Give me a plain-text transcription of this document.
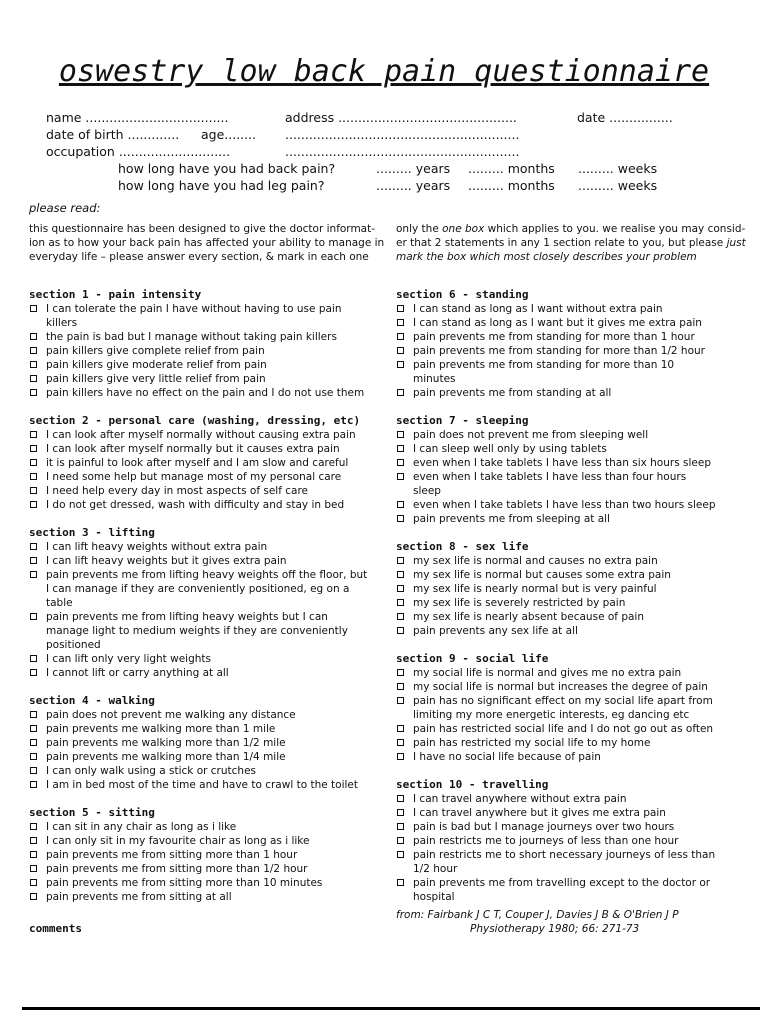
oswestry low back pain questionnaire
name ....................................	address .............................................	date ................
date of birth ............. age........ ...........................................................
occupation ............................	...........................................................
how long have you had back pain?	......... years ......... months ......... weeks
how long have you had leg pain?	......... years ......... months ......... weeks
please read:
this questionnaire has been designed to give the doctor informat-
ion as to how your back pain has affected your ability to manage in
everyday life – please answer every section, & mark in each one
only the one box which applies to you. we realise you may consid-
er that 2 statements in any 1 section relate to you, but please just
mark the box which most closely describes your problem
section 1 - pain intensity
I can tolerate the pain I have without having to use pain killers
the pain is bad but I manage without taking pain killers
pain killers give complete relief from pain
pain killers give moderate relief from pain
pain killers give very little relief from pain
pain killers have no effect on the pain and I do not use them
section 2 - personal care (washing, dressing, etc)
I can look after myself normally without causing extra pain
I can look after myself normally but it causes extra pain
it is painful to look after myself and I am slow and careful
I need some help but manage most of my personal care
I need help every day in most aspects of self care
I do not get dressed, wash with difficulty and stay in bed
section 3 - lifting
I can lift heavy weights without extra pain
I can lift heavy weights but it gives extra pain
pain prevents me from lifting heavy weights off the floor, but I can manage if they are conveniently positioned, eg on a table
pain prevents me from lifting heavy weights but I can manage light to medium weights if they are conveniently positioned
I can lift only very light weights
I cannot lift or carry anything at all
section 4 - walking
pain does not prevent me walking any distance
pain prevents me walking more than 1 mile
pain prevents me walking more than 1/2 mile
pain prevents me walking more than 1/4 mile
I can only walk using a stick or crutches
I am in bed most of the time and have to crawl to the toilet
section 5 - sitting
I can sit in any chair as long as i like
I can only sit in my favourite chair as long as i like
pain prevents me from sitting more than 1 hour
pain prevents me from sitting more than 1/2 hour
pain prevents me from sitting more than 10 minutes
pain prevents me from sitting at all
section 6 - standing
I can stand as long as I want without extra pain
I can stand as long as I want but it gives me extra pain
pain prevents me from standing for more than 1 hour
pain prevents me from standing for more than 1/2 hour
pain prevents me from standing for more than 10 minutes
pain prevents me from standing at all
section 7 - sleeping
pain does not prevent me from sleeping well
I can sleep well only by using tablets
even when I take tablets I have less than six hours sleep
even when I take tablets I have less than four hours sleep
even when I take tablets I have less than two hours sleep
pain prevents me from sleeping at all
section 8 - sex life
my sex life is normal and causes no extra pain
my sex life is normal but causes some extra pain
my sex life is nearly normal but is very painful
my sex life is severely restricted by pain
my sex life is nearly absent because of pain
pain prevents any sex life at all
section 9 - social life
my social life is normal and gives me no extra pain
my social life is normal but increases the degree of pain
pain has no significant effect on my social life apart from limiting my more energetic interests, eg dancing etc
pain has restricted social life and I do not go out as often
pain has restricted my social life to my home
I have no social life because of pain
section 10 - travelling
I can travel anywhere without extra pain
I can travel anywhere but it gives me extra pain
pain is bad but I manage journeys over two hours
pain restricts me to journeys of less than one hour
pain restricts me to short necessary journeys of less than 1/2 hour
pain prevents me from travelling except to the doctor or hospital
from: Fairbank J C T, Couper J, Davies J B & O'Brien J P
Physiotherapy 1980; 66: 271-73
comments
